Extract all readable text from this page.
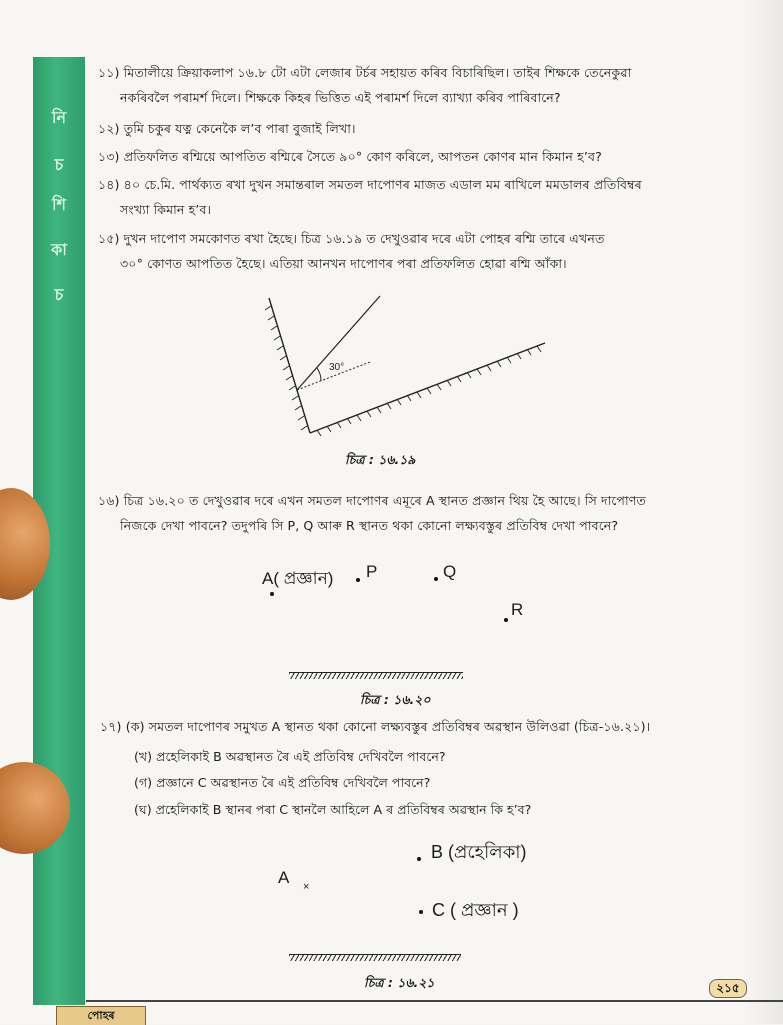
নি
চ
শি
কা
চ
১১) মিতালীয়ে ক্রিয়াকলাপ ১৬.৮ টো এটা লেজাৰ টৰ্চৰ সহায়ত কৰিব বিচাৰিছিল। তাইৰ শিক্ষকে তেনেকুৱা
নকৰিবলৈ পৰামৰ্শ দিলে। শিক্ষকে কিহৰ ভিত্তিত এই পৰামৰ্শ দিলে ব্যাখ্যা কৰিব পাৰিবানে?
১২) তুমি চকুৰ যত্ন কেনেকৈ ল’ব পাৰা বুজাই লিখা।
১৩) প্ৰতিফলিত ৰশ্মিয়ে আপতিত ৰশ্মিৰে সৈতে ৯০° কোণ কৰিলে, আপতন কোণৰ মান কিমান হ’ব?
১৪) ৪০ চে.মি. পাৰ্থক্যত ৰখা দুখন সমান্তৰাল সমতল দাপোণৰ মাজত এডাল মম ৰাখিলে মমডালৰ প্ৰতিবিম্বৰ
সংখ্যা কিমান হ’ব।
১৫) দুখন দাপোণ সমকোণত ৰখা হৈছে। চিত্ৰ ১৬.১৯ ত দেখুওৱাৰ দৰে এটা পোহৰ ৰশ্মি তাৰে এখনত
৩০° কোণত আপতিত হৈছে। এতিয়া আনখন দাপোণৰ পৰা প্ৰতিফলিত হোৱা ৰশ্মি আঁকা।
30°
চিত্ৰ : ১৬.১৯
১৬) চিত্ৰ ১৬.২০ ত দেখুওৱাৰ দৰে এখন সমতল দাপোণৰ এমূৰে A স্থানত প্ৰজ্ঞান থিয় হৈ আছে। সি দাপোণত
নিজকে দেখা পাবনে? তদুপৰি সি P, Q আৰু R স্থানত থকা কোনো লক্ষ্যবস্তুৰ প্ৰতিবিম্ব দেখা পাবনে?
A( প্ৰজ্ঞান) P	Q
R
চিত্ৰ : ১৬.২০
১৭) (ক) সমতল দাপোণৰ সমুখত A স্থানত থকা কোনো লক্ষ্যবস্তুৰ প্ৰতিবিম্বৰ অৱস্থান উলিওৱা (চিত্ৰ-১৬.২১)।
(খ) প্ৰহেলিকাই B অৱস্থানত ৰৈ এই প্ৰতিবিম্ব দেখিবলৈ পাবনে?
(গ) প্ৰজ্ঞানে C অৱস্থানত ৰৈ এই প্ৰতিবিম্ব দেখিবলৈ পাবনে?
(ঘ) প্ৰহেলিকাই B স্থানৰ পৰা C স্থানলৈ আহিলে A ৰ প্ৰতিবিম্বৰ অৱস্থান কি হ’ব?
A ×
B (প্ৰহেলিকা)
C ( প্ৰজ্ঞান )
চিত্ৰ : ১৬.২১	২১৫
পোহৰ
